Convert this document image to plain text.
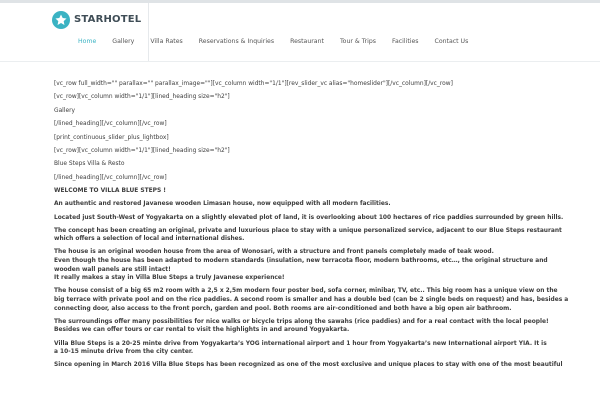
STARHOTEL
Home	Gallery	Villa Rates	Reservations & Inquiries	Restaurant	Tour & Trips	Facilities	Contact Us
[vc_row full_width="" parallax="" parallax_image=""][vc_column width="1/1"][rev_slider_vc alias="homeslider"][/vc_column][/vc_row]
[vc_row][vc_column width="1/1"][lined_heading size="h2"]
Gallery
[/lined_heading][/vc_column][/vc_row]
[print_continuous_slider_plus_lightbox]
[vc_row][vc_column width="1/1"][lined_heading size="h2"]
Blue Steps Villa & Resto
[/lined_heading][/vc_column][/vc_row]
WELCOME TO VILLA BLUE STEPS !
An authentic and restored Javanese wooden Limasan house, now equipped with all modern facilities.
Located just South-West of Yogyakarta on a slightly elevated plot of land, it is overlooking about 100 hectares of rice paddies surrounded by green hills.
The concept has been creating an original, private and luxurious place to stay with a unique personalized service, adjacent to our Blue Steps restaurant
which offers a selection of local and international dishes.
The house is an original wooden house from the area of Wonosari, with a structure and front panels completely made of teak wood.
Even though the house has been adapted to modern standards (insulation, new terracota floor, modern bathrooms, etc…, the original structure and
wooden wall panels are still intact!
It really makes a stay in Villa Blue Steps a truly Javanese experience!
The house consist of a big 65 m2 room with a 2,5 x 2,5m modern four poster bed, sofa corner, minibar, TV, etc.. This big room has a unique view on the
big terrace with private pool and on the rice paddies. A second room is smaller and has a double bed (can be 2 single beds on request) and has, besides a
connecting door, also access to the front porch, garden and pool. Both rooms are air-conditioned and both have a big open air bathroom.
The surroundings offer many possibilities for nice walks or bicycle trips along the sawahs (rice paddies) and for a real contact with the local people!
Besides we can offer tours or car rental to visit the highlights in and around Yogyakarta.
Villa Blue Steps is a 20-25 minte drive from Yogyakarta’s YOG international airport and 1 hour from Yogyakarta’s new International airport YIA. It is
a 10-15 minute drive from the city center.
Since opening in March 2016 Villa Blue Steps has been recognized as one of the most exclusive and unique places to stay with one of the most beautiful
